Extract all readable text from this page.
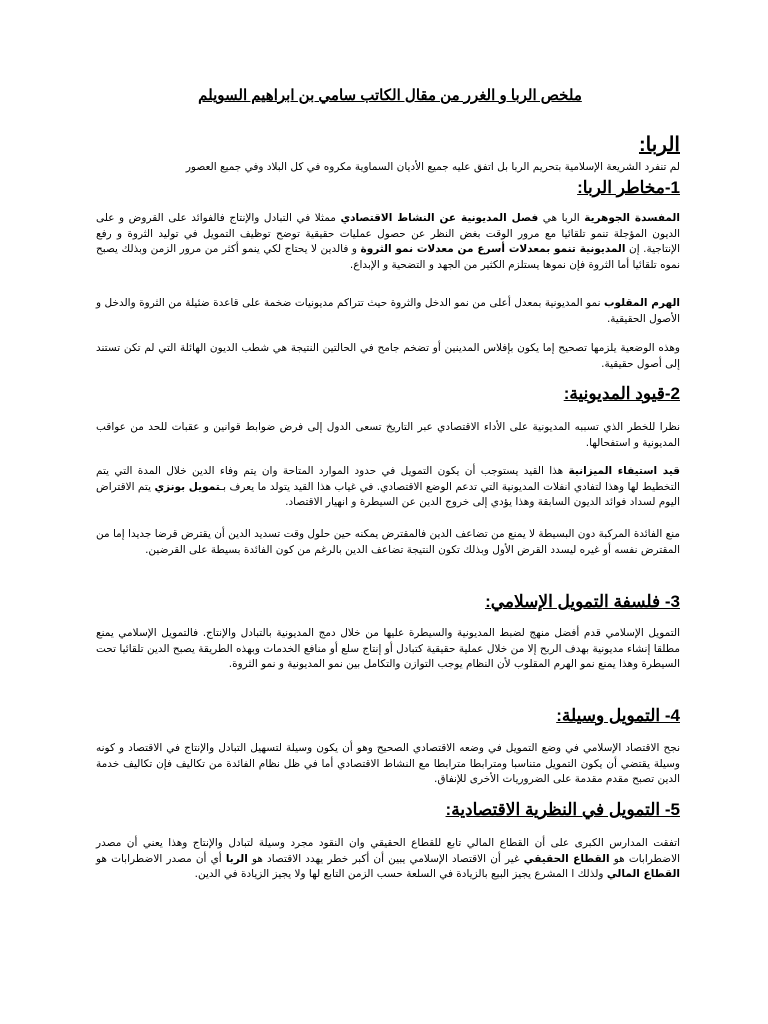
ملخص الربا و الغرر من مقال الكاتب سامي بن ابراهيم السويلم
الربا:
لم تنفرد الشريعة الإسلامية بتحريم الربا بل اتفق عليه جميع الأديان السماوية مكروه في كل البلاد وفي جميع العصور
1-مخاطر الربا:
المفسدة الجوهرية الربا هي فصل المديونية عن النشاط الاقتصادي ممثلا في التبادل والإنتاج فالفوائد على القروض و على الديون المؤجلة تنمو تلقائيا مع مرور الوقت بغض النظر عن حصول عمليات حقيقية توضح توظيف التمويل في توليد الثروة و رفع الإنتاجية. إن المديونية تنمو بمعدلات أسرع من معدلات نمو الثروة و فالدين لا يحتاج لكي ينمو أكثر من مرور الزمن وبذلك يصبح نموه تلقائيا أما الثروة فإن نموها يستلزم الكثير من الجهد و التضحية و الإبداع.
الهرم المقلوب نمو المديونية بمعدل أعلى من نمو الدخل والثروة حيث تتراكم مديونيات ضخمة على قاعدة ضئيلة من الثروة والدخل و الأصول الحقيقية.
وهذه الوضعية يلزمها تصحيح إما يكون بإفلاس المدينين أو تضخم جامح في الحالتين النتيجة هي شطب الديون الهائلة التي لم تكن تستند إلى أصول حقيقية.
2-قيود المديونية:
نظرا للخطر الذي تسببه المديونية على الأداء الاقتصادي عبر التاريخ تسعى الدول إلى فرض ضوابط قوانين و عقبات للحد من عواقب المديونية و استفحالها.
قيد استيفاء الميزانية هذا القيد يستوجب أن يكون التمويل في حدود الموارد المتاحة وان يتم وفاء الدين خلال المدة التي يتم التخطيط لها وهذا لتفادي انفلات المديونية التي تدعم الوضع الاقتصادي. في غياب هذا القيد يتولد ما يعرف بـتمويل بونزي يتم الاقتراض اليوم لسداد فوائد الديون السابقة وهذا يؤدي إلى خروج الدين عن السيطرة و انهيار الاقتصاد.
منع الفائدة المركبة دون البسيطة لا يمنع من تضاعف الدين فالمقترض يمكنه حين حلول وقت تسديد الدين أن يقترض قرضا جديدا إما من المقترض نفسه أو غيره ليسدد القرض الأول وبذلك تكون النتيجة تضاعف الدين بالرغم من كون الفائدة بسيطة على القرضين.
3- فلسفة التمويل الإسلامي:
التمويل الإسلامي قدم أفضل منهج لضبط المديونية والسيطرة عليها من خلال دمج المديونية بالتبادل والإنتاج. فالتمويل الإسلامي يمنع مطلقا إنشاء مديونية بهدف الربح إلا من خلال عملية حقيقية كتبادل أو إنتاج سلع أو منافع الخدمات وبهذه الطريقة يصبح الدين تلقائيا تحت السيطرة وهذا يمنع نمو الهرم المقلوب لأن النظام يوجب التوازن والتكامل بين نمو المديونية و نمو الثروة.
4- التمويل وسيلة:
نجح الاقتصاد الإسلامي في وضع التمويل في وضعه الاقتصادي الصحيح وهو أن يكون وسيلة لتسهيل التبادل والإنتاج في الاقتصاد و كونه وسيلة يقتضي أن يكون التمويل متناسبا ومترابطا مترابطا مع النشاط الاقتصادي أما في ظل نظام الفائدة من تكاليف فإن تكاليف خدمة الدين تصبح مقدم مقدمة على الضروريات الأخرى للإنفاق.
5- التمويل في النظرية الاقتصادية:
اتفقت المدارس الكبرى على أن القطاع المالي تابع للقطاع الحقيقي وان النقود مجرد وسيلة لتبادل والإنتاج وهذا يعني أن مصدر الاضطرابات هو القطاع الحقيقي غير أن الاقتصاد الإسلامي يبين أن أكبر خطر يهدد الاقتصاد هو الربا أي أن مصدر الاضطرابات هو القطاع المالي ولذلك ا المشرع يجيز البيع بالزيادة في السلعة حسب الزمن التابع لها ولا يجيز الزيادة في الدين.
